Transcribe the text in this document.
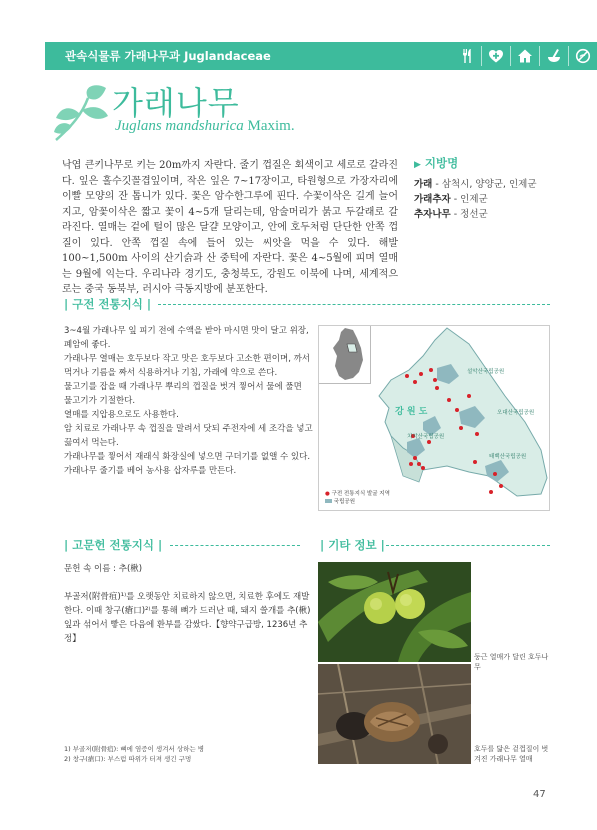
관속식물류 가래나무과 Juglandaceae
가래나무
Juglans mandshurica Maxim.

낙엽 큰키나무로 키는 20m까지 자란다. 줄기 껍질은 회색이고 세로로 갈라진다. 잎은 홀수깃꼴겹잎이며, 작은 잎은 7~17장이고, 타원형으로 가장자리에 이빨 모양의 잔 톱니가 있다. 꽃은 암수한그루에 핀다. 수꽃이삭은 길게 늘어지고, 암꽃이삭은 짧고 꽃이 4~5개 달리는데, 암술머리가 붉고 두갈래로 갈라진다. 열매는 겉에 털이 많은 달걀 모양이고, 안에 호두처럼 단단한 안쪽 껍질이 있다. 안쪽 껍질 속에 들어 있는 씨앗을 먹을 수 있다. 해발 100~1,500m 사이의 산기슭과 산 중턱에 자란다. 꽃은 4~5월에 피며 열매는 9월에 익는다. 우리나라 경기도, 충청북도, 강원도 이북에 나며, 세계적으로는 중국 동북부, 러시아 극동지방에 분포한다.

▶ 지방명
가래 - 삼척시, 양양군, 인제군
가래추자 - 인제군
추자나무 - 정선군
| 구전 전통지식 |
3~4월 가래나무 잎 피기 전에 수액을 받아 마시면 맛이 달고 위장,
폐암에 좋다.
가래나무 열매는 호두보다 작고 맛은 호두보다 고소한 편이며, 까서
먹거나 기름을 짜서 식용하거나 기침, 가래에 약으로 쓴다.
물고기를 잡을 때 가래나무 뿌리의 껍질을 벗겨 찧어서 물에 풀면
물고기가 기절한다.
열매를 지압용으로도 사용한다.
암 치료로 가래나무 속 껍질을 말려서 닷되 주전자에 세 조각을 넣고
끓여서 먹는다.
가래나무를 찧어서 재래식 화장실에 넣으면 구더기를 없앨 수 있다.
가래나무 줄기를 베어 농사용 삽자루를 만든다.
설악산국립공원
오대산국립공원
치악산국립공원
태백산국립공원
강 원 도
● 구전 전통지식 발굴 지역
국립공원
| 고문헌 전통지식 |
문헌 속 이름 : 추(楸)
부골저(附骨疽)¹⁾를 오랫동안 치료하지 않으면, 치료한 후에도 재발한다. 이때 창구(瘡口)²⁾를 통해 뼈가 드러난 때, 돼지 쓸개를 추(楸)잎과 섞어서 빻은 다음에 환부를 감쌌다.【향약구급방, 1236년 추정】
| 기타 정보 |
둥근 열매가 달린 호두나무
호두를 닮은 겉껍질이 벗겨진 가래나무 열매
1) 부골저(附骨疽): 뼈에 염증이 생겨서 상하는 병
2) 창구(瘡口): 부스럼 따위가 터져 생긴 구멍
47
